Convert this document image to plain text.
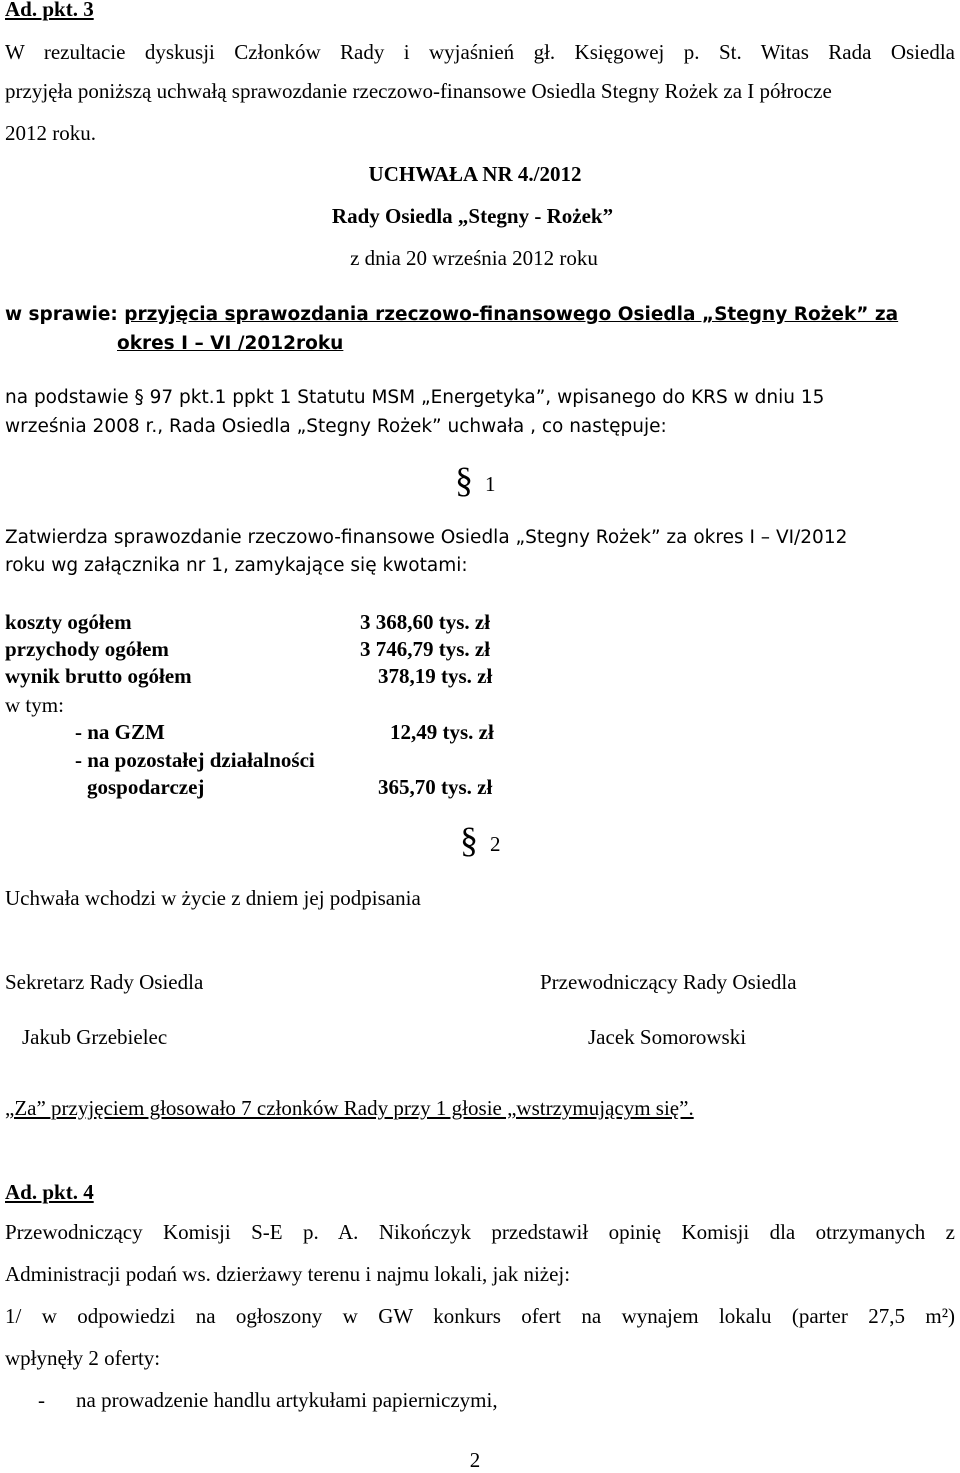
Ad. pkt. 3
W rezultacie dyskusji Członków Rady i wyjaśnień gł. Księgowej p. St. Witas Rada Osiedla
przyjęła poniższą uchwałą sprawozdanie rzeczowo-finansowe Osiedla Stegny Rożek za I półrocze
2012 roku.
UCHWAŁA NR 4./2012
Rady Osiedla „Stegny - Rożek”
z dnia 20 września 2012 roku
w sprawie: przyjęcia sprawozdania rzeczowo-finansowego Osiedla „Stegny Rożek” za
okres I – VI /2012roku
na podstawie § 97 pkt.1 ppkt 1 Statutu MSM „Energetyka”, wpisanego do KRS w dniu 15
września 2008 r., Rada Osiedla „Stegny Rożek” uchwała , co następuje:
§ 1
Zatwierdza sprawozdanie rzeczowo-finansowe Osiedla „Stegny Rożek” za okres I – VI/2012
roku wg załącznika nr 1, zamykające się kwotami:
koszty ogółem	3 368,60 tys. zł
przychody ogółem	3 746,79 tys. zł
wynik brutto ogółem	378,19 tys. zł
w tym:
- na GZM	12,49 tys. zł
- na pozostałej działalności
gospodarczej	365,70 tys. zł
§ 2
Uchwała wchodzi w życie z dniem jej podpisania
Sekretarz Rady Osiedla	Przewodniczący Rady Osiedla
Jakub Grzebielec	Jacek Somorowski
„Za” przyjęciem głosowało 7 członków Rady przy 1 głosie „wstrzymującym się”.
Ad. pkt. 4
Przewodniczący Komisji S-E p. A. Nikończyk przedstawił opinię Komisji dla otrzymanych z
Administracji podań ws. dzierżawy terenu i najmu lokali, jak niżej:
1/ w odpowiedzi na ogłoszony w GW konkurs ofert na wynajem lokalu (parter 27,5 m²)
wpłynęły 2 oferty:
- na prowadzenie handlu artykułami papierniczymi,
2
